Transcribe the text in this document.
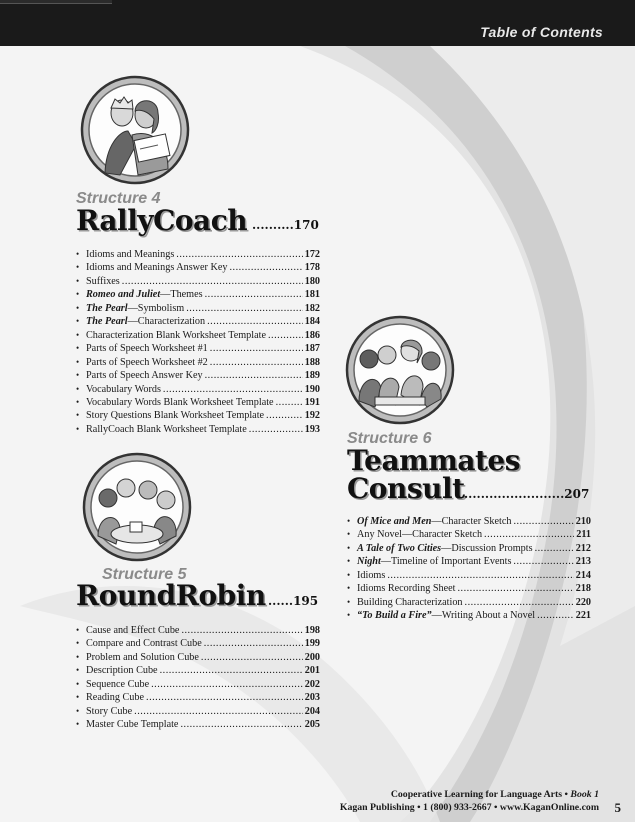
Table of Contents
Structure 4
RallyCoach ..........170
• Idioms and Meanings .....	172
• Idioms and Meanings Answer Key .....	178
• Suffixes .....	180
• Romeo and Juliet—Themes .....	181
• The Pearl—Symbolism .....	182
• The Pearl—Characterization .....	184
• Characterization Blank Worksheet Template .....	186
• Parts of Speech Worksheet #1 .....	187
• Parts of Speech Worksheet #2 .....	188
• Parts of Speech Answer Key .....	189
• Vocabulary Words .....	190
• Vocabulary Words Blank Worksheet Template .....	191
• Story Questions Blank Worksheet Template .....	192
• RallyCoach Blank Worksheet Template .....	193
Structure 5
RoundRobin ......195
• Cause and Effect Cube .....	198
• Compare and Contrast Cube .....	199
• Problem and Solution Cube .....	200
• Description Cube .....	201
• Sequence Cube .....	202
• Reading Cube .....	203
• Story Cube .....	204
• Master Cube Template .....	205
Structure 6
Teammates
Consult ........................207
• Of Mice and Men—Character Sketch .....	210
• Any Novel—Character Sketch .....	211
• A Tale of Two Cities—Discussion Prompts .....	212
• Night—Timeline of Important Events .....	213
• Idioms .....	214
• Idioms Recording Sheet .....	218
• Building Characterization .....	220
• “To Build a Fire”—Writing About a Novel .....	221
Cooperative Learning for Language Arts • Book 1
Kagan Publishing • 1 (800) 933-2667 • www.KaganOnline.com 5
